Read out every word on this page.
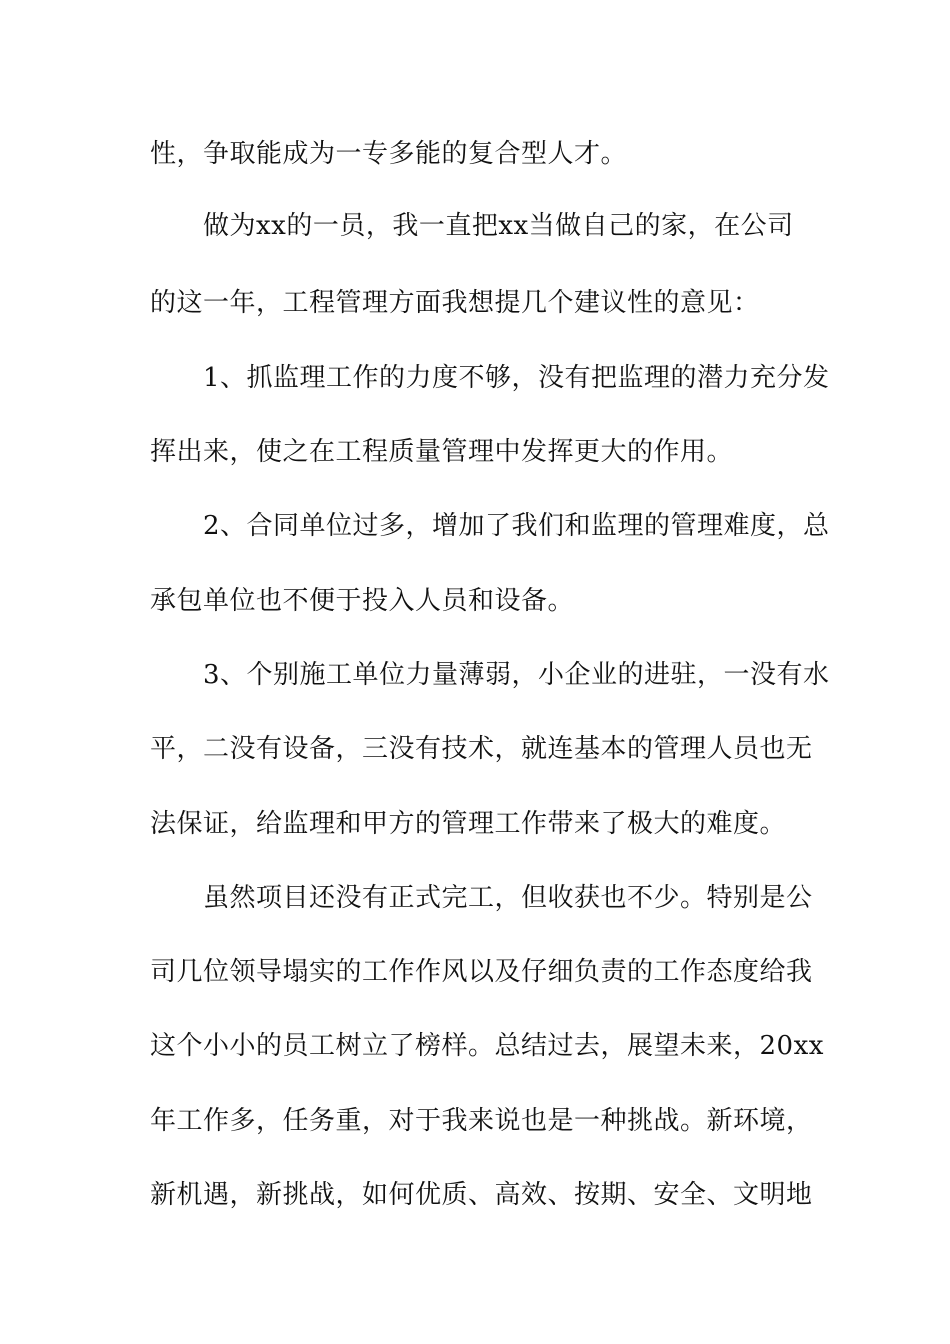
性，争取能成为一专多能的复合型人才。
做为xx的一员，我一直把xx当做自己的家，在公司
的这一年，工程管理方面我想提几个建议性的意见：
1、抓监理工作的力度不够，没有把监理的潜力充分发
挥出来，使之在工程质量管理中发挥更大的作用。
2、合同单位过多，增加了我们和监理的管理难度，总
承包单位也不便于投入人员和设备。
3、个别施工单位力量薄弱，小企业的进驻，一没有水
平，二没有设备，三没有技术，就连基本的管理人员也无
法保证，给监理和甲方的管理工作带来了极大的难度。
虽然项目还没有正式完工，但收获也不少。特别是公
司几位领导塌实的工作作风以及仔细负责的工作态度给我
这个小小的员工树立了榜样。总结过去，展望未来，20xx
年工作多，任务重，对于我来说也是一种挑战。新环境，
新机遇，新挑战，如何优质、高效、按期、安全、文明地
